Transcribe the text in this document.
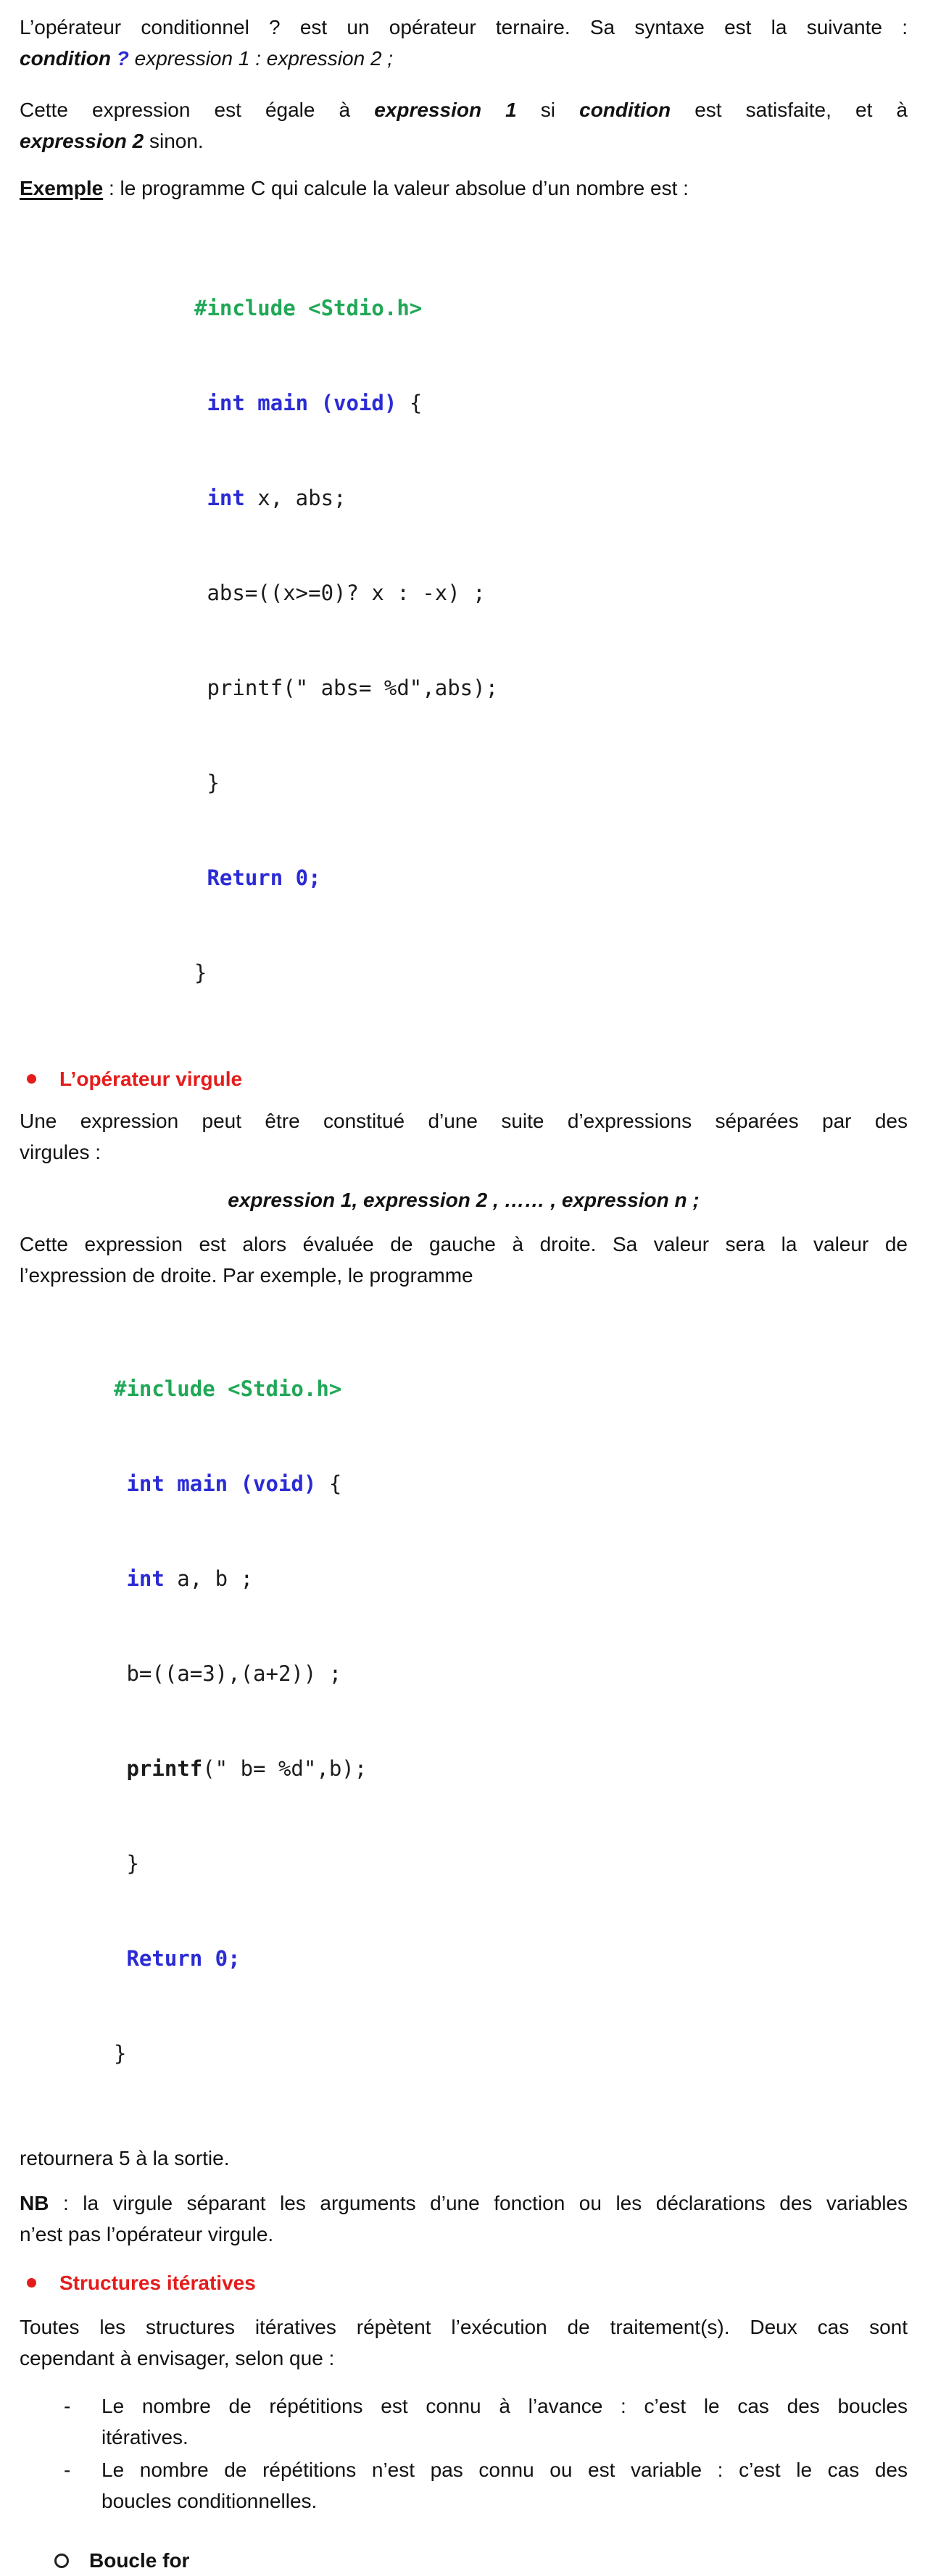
L’opérateur conditionnel ? est un opérateur ternaire. Sa syntaxe est la suivante :
condition ? expression 1 : expression 2 ;
Cette expression est égale à expression 1 si condition est satisfaite, et à
expression 2 sinon.
Exemple : le programme C qui calcule la valeur absolue d’un nombre est :

#include <Stdio.h>

int main (void) {

int x, abs;

abs=((x>=0)? x : -x) ;

printf(" abs= %d",abs);

}

Return 0;

}

L’opérateur virgule
Une expression peut être constitué d’une suite d’expressions séparées par des
virgules :
expression 1, expression 2 , …… , expression n ;
Cette expression est alors évaluée de gauche à droite. Sa valeur sera la valeur de
l’expression de droite. Par exemple, le programme

#include <Stdio.h>

int main (void) {

int a, b ;

b=((a=3),(a+2)) ;

printf(" b= %d",b);

}

Return 0;

}

retournera 5 à la sortie.
NB : la virgule séparant les arguments d’une fonction ou les déclarations des variables
n’est pas l’opérateur virgule.
Structures itératives
Toutes les structures itératives répètent l’exécution de traitement(s). Deux cas sont
cependant à envisager, selon que :
-	Le nombre de répétitions est connu à l’avance : c’est le cas des boucles
itératives.
-	Le nombre de répétitions n’est pas connu ou est variable : c’est le cas des
boucles conditionnelles.
Boucle for
